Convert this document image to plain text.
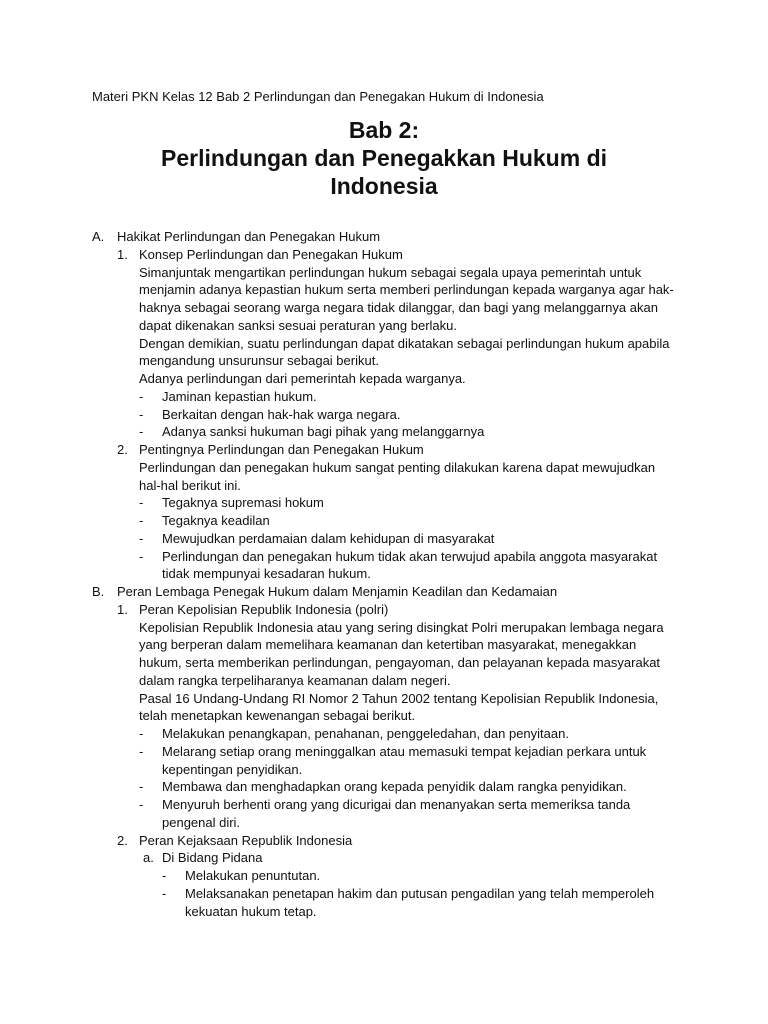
Materi PKN Kelas 12 Bab 2 Perlindungan dan Penegakan Hukum di Indonesia
Bab 2:
Perlindungan dan Penegakkan Hukum di
Indonesia
A. Hakikat Perlindungan dan Penegakan Hukum
1. Konsep Perlindungan dan Penegakan Hukum
Simanjuntak mengartikan perlindungan hukum sebagai segala upaya pemerintah untuk
menjamin adanya kepastian hukum serta memberi perlindungan kepada warganya agar hak-
haknya sebagai seorang warga negara tidak dilanggar, dan bagi yang melanggarnya akan
dapat dikenakan sanksi sesuai peraturan yang berlaku.
Dengan demikian, suatu perlindungan dapat dikatakan sebagai perlindungan hukum apabila
mengandung unsurunsur sebagai berikut.
Adanya perlindungan dari pemerintah kepada warganya.
- Jaminan kepastian hukum.
- Berkaitan dengan hak-hak warga negara.
- Adanya sanksi hukuman bagi pihak yang melanggarnya
2. Pentingnya Perlindungan dan Penegakan Hukum
Perlindungan dan penegakan hukum sangat penting dilakukan karena dapat mewujudkan
hal-hal berikut ini.
- Tegaknya supremasi hokum
- Tegaknya keadilan
- Mewujudkan perdamaian dalam kehidupan di masyarakat
- Perlindungan dan penegakan hukum tidak akan terwujud apabila anggota masyarakat
tidak mempunyai kesadaran hukum.
B. Peran Lembaga Penegak Hukum dalam Menjamin Keadilan dan Kedamaian
1. Peran Kepolisian Republik Indonesia (polri)
Kepolisian Republik Indonesia atau yang sering disingkat Polri merupakan lembaga negara
yang berperan dalam memelihara keamanan dan ketertiban masyarakat, menegakkan
hukum, serta memberikan perlindungan, pengayoman, dan pelayanan kepada masyarakat
dalam rangka terpeliharanya keamanan dalam negeri.
Pasal 16 Undang-Undang RI Nomor 2 Tahun 2002 tentang Kepolisian Republik Indonesia,
telah menetapkan kewenangan sebagai berikut.
- Melakukan penangkapan, penahanan, penggeledahan, dan penyitaan.
- Melarang setiap orang meninggalkan atau memasuki tempat kejadian perkara untuk
kepentingan penyidikan.
- Membawa dan menghadapkan orang kepada penyidik dalam rangka penyidikan.
- Menyuruh berhenti orang yang dicurigai dan menanyakan serta memeriksa tanda
pengenal diri.
2. Peran Kejaksaan Republik Indonesia
a. Di Bidang Pidana
- Melakukan penuntutan.
- Melaksanakan penetapan hakim dan putusan pengadilan yang telah memperoleh
kekuatan hukum tetap.
